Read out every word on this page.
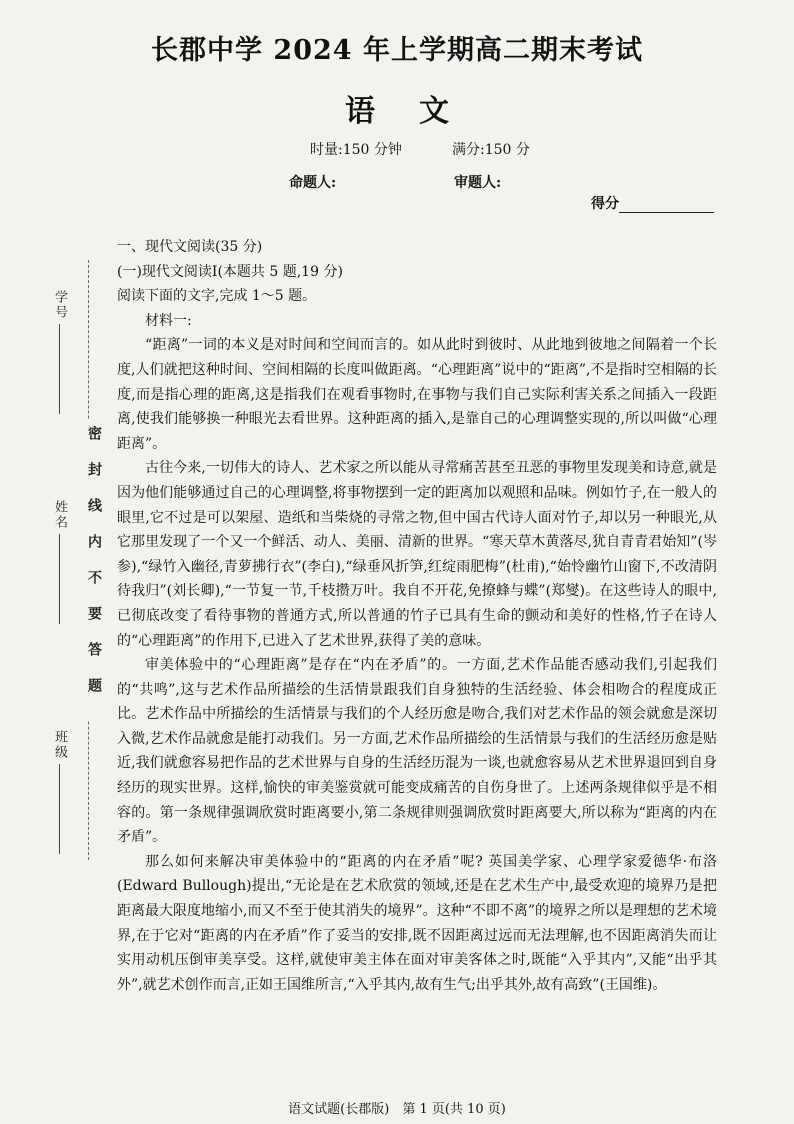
班级
姓名
学号
密封线内不要答题
长郡中学 2024 年上学期高二期末考试
语文
时量:150 分钟	满分:150 分
命题人:	审题人:
得分

一、现代文阅读(35 分)

(一)现代文阅读Ⅰ(本题共 5 题,19 分)

阅读下面的文字,完成 1～5 题。

材料一:

“距离”一词的本义是对时间和空间而言的。如从此时到彼时、从此地到彼地之间隔着一个长度,人们就把这种时间、空间相隔的长度叫做距离。“心理距离”说中的“距离”,不是指时空相隔的长度,而是指心理的距离,这是指我们在观看事物时,在事物与我们自己实际利害关系之间插入一段距离,使我们能够换一种眼光去看世界。这种距离的插入,是靠自己的心理调整实现的,所以叫做“心理距离”。

古往今来,一切伟大的诗人、艺术家之所以能从寻常痛苦甚至丑恶的事物里发现美和诗意,就是因为他们能够通过自己的心理调整,将事物摆到一定的距离加以观照和品味。例如竹子,在一般人的眼里,它不过是可以架屋、造纸和当柴烧的寻常之物,但中国古代诗人面对竹子,却以另一种眼光,从它那里发现了一个又一个鲜活、动人、美丽、清新的世界。“寒天草木黄落尽,犹自青青君始知”(岑参),“绿竹入幽径,青萝拂行衣”(李白),“绿垂风折笋,红绽雨肥梅”(杜甫),“始怜幽竹山窗下,不改清阴待我归”(刘长卿),“一节复一节,千枝攒万叶。我自不开花,免撩蜂与蝶”(郑燮)。在这些诗人的眼中,已彻底改变了看待事物的普通方式,所以普通的竹子已具有生命的颤动和美好的性格,竹子在诗人的“心理距离”的作用下,已进入了艺术世界,获得了美的意味。

审美体验中的“心理距离”是存在“内在矛盾”的。一方面,艺术作品能否感动我们,引起我们的“共鸣”,这与艺术作品所描绘的生活情景跟我们自身独特的生活经验、体会相吻合的程度成正比。艺术作品中所描绘的生活情景与我们的个人经历愈是吻合,我们对艺术作品的领会就愈是深切入微,艺术作品就愈是能打动我们。另一方面,艺术作品所描绘的生活情景与我们的生活经历愈是贴近,我们就愈容易把作品的艺术世界与自身的生活经历混为一谈,也就愈容易从艺术世界退回到自身经历的现实世界。这样,愉快的审美鉴赏就可能变成痛苦的自伤身世了。上述两条规律似乎是不相容的。第一条规律强调欣赏时距离要小,第二条规律则强调欣赏时距离要大,所以称为“距离的内在矛盾”。

那么如何来解决审美体验中的“距离的内在矛盾”呢? 英国美学家、心理学家爱德华·布洛(Edward Bullough)提出,“无论是在艺术欣赏的领域,还是在艺术生产中,最受欢迎的境界乃是把距离最大限度地缩小,而又不至于使其消失的境界”。这种“不即不离”的境界之所以是理想的艺术境界,在于它对“距离的内在矛盾”作了妥当的安排,既不因距离过远而无法理解,也不因距离消失而让实用动机压倒审美享受。这样,就使审美主体在面对审美客体之时,既能“入乎其内”,又能“出乎其外”,就艺术创作而言,正如王国维所言,“入乎其内,故有生气;出乎其外,故有高致”(王国维)。

语文试题(长郡版)　第 1 页(共 10 页)
